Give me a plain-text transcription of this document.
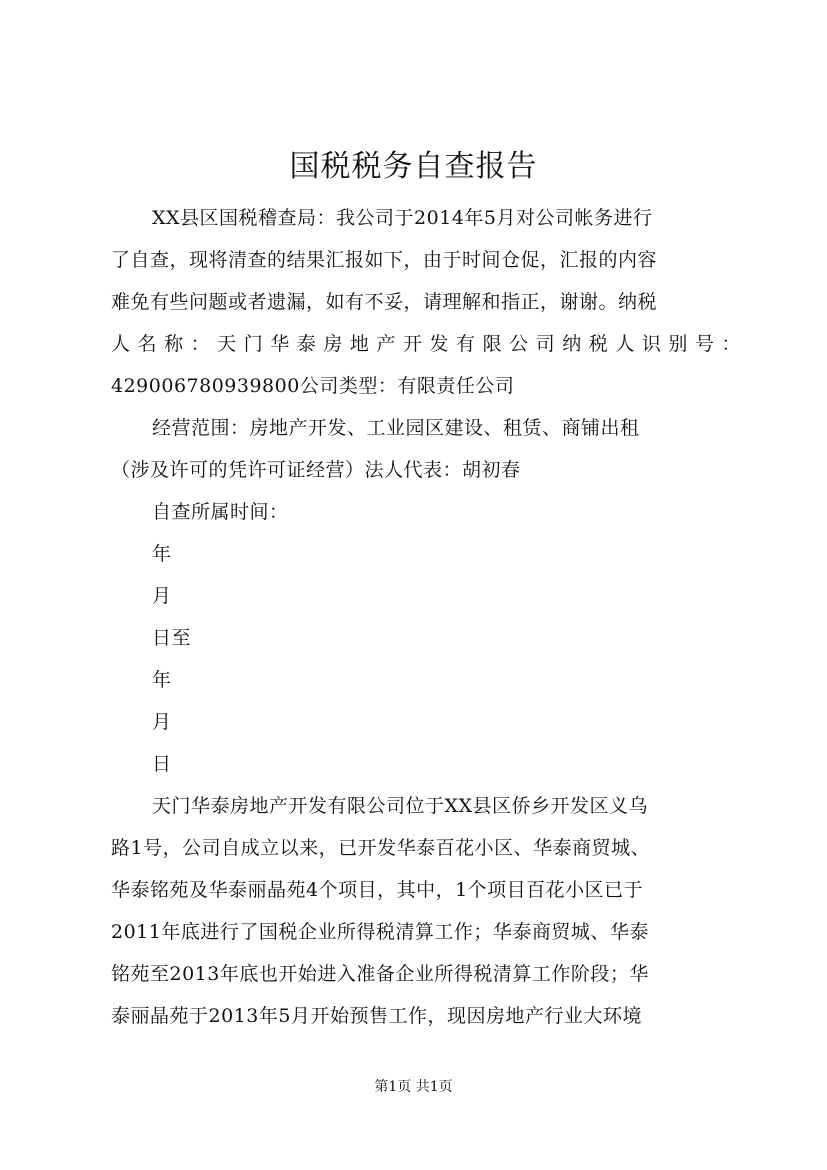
国税税务自查报告

XX县区国税稽查局：我公司于2014年5月对公司帐务进行

了自查，现将清查的结果汇报如下，由于时间仓促，汇报的内容

难免有些问题或者遗漏，如有不妥，请理解和指正，谢谢。纳税

人名称：天门华泰房地产开发有限公司纳税人识别号：

429006780939800公司类型：有限责任公司

经营范围：房地产开发、工业园区建设、租赁、商铺出租

（涉及许可的凭许可证经营）法人代表：胡初春

自查所属时间：

年

月

日至

年

月

日

天门华泰房地产开发有限公司位于XX县区侨乡开发区义乌

路1号，公司自成立以来，已开发华泰百花小区、华泰商贸城、

华泰铭苑及华泰丽晶苑4个项目，其中，1个项目百花小区已于

2011年底进行了国税企业所得税清算工作；华泰商贸城、华泰

铭苑至2013年底也开始进入准备企业所得税清算工作阶段；华

泰丽晶苑于2013年5月开始预售工作，现因房地产行业大环境

第1页 共1页
